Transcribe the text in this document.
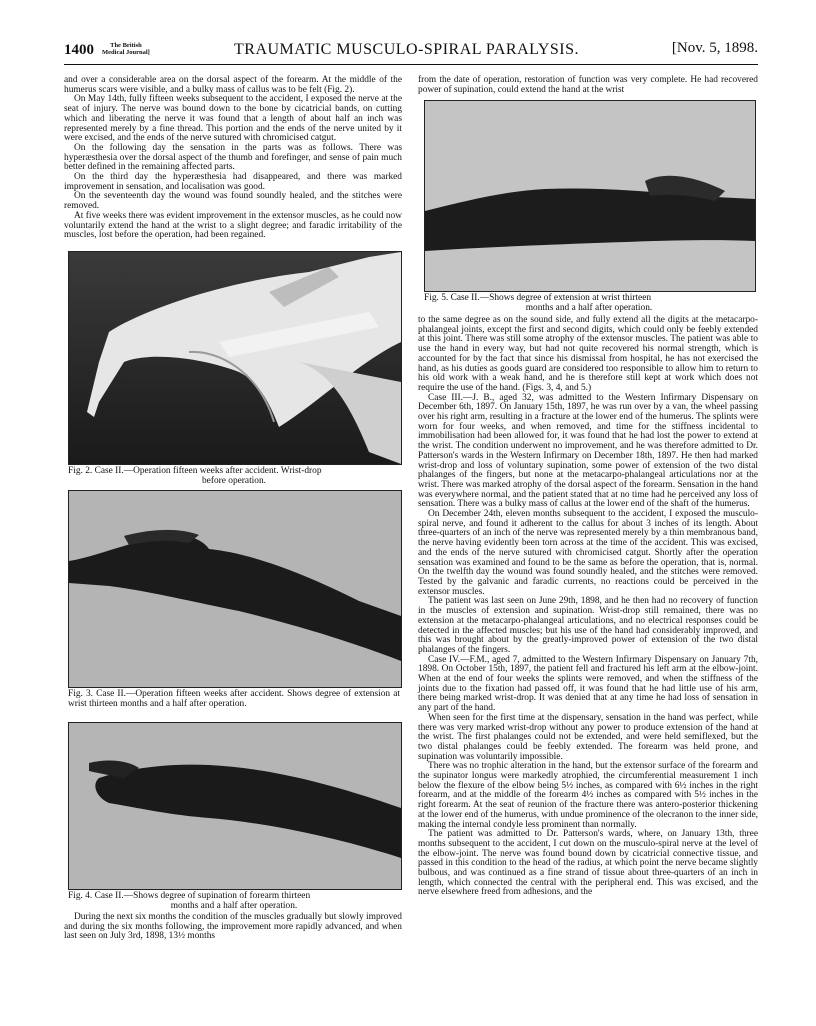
1400	The British
Medical Journal]	TRAUMATIC MUSCULO-SPIRAL PARALYSIS.	[Nov. 5, 1898.

and over a considerable area on the dorsal aspect of the forearm. At the middle of the humerus scars were visible, and a bulky mass of callus was to be felt (Fig. 2).

On May 14th, fully fifteen weeks subsequent to the accident, I exposed the nerve at the seat of injury. The nerve was bound down to the bone by cicatricial bands, on cutting which and liberating the nerve it was found that a length of about half an inch was represented merely by a fine thread. This portion and the ends of the nerve united by it were excised, and the ends of the nerve sutured with chromicised catgut.

On the following day the sensation in the parts was as follows. There was hyperæsthesia over the dorsal aspect of the thumb and forefinger, and sense of pain much better defined in the remaining affected parts.

On the third day the hyperæsthesia had disappeared, and there was marked improvement in sensation, and localisation was good.

On the seventeenth day the wound was found soundly healed, and the stitches were removed.

At five weeks there was evident improvement in the extensor muscles, as he could now voluntarily extend the hand at the wrist to a slight degree; and faradic irritability of the muscles, lost before the operation, had been regained.

Fig. 2. Case II.—Operation fifteen weeks after accident. Wrist-drop
before operation.
Fig. 3. Case II.—Operation fifteen weeks after accident. Shows degree of extension at wrist thirteen months and a half after operation.
Fig. 4. Case II.—Shows degree of supination of forearm thirteen
months and a half after operation.

During the next six months the condition of the muscles gradually but slowly improved and during the six months following, the improvement more rapidly advanced, and when last seen on July 3rd, 1898, 13½ months

from the date of operation, restoration of function was very complete. He had recovered power of supination, could extend the hand at the wrist

Fig. 5. Case II.—Shows degree of extension at wrist thirteen
months and a half after operation.

to the same degree as on the sound side, and fully extend all the digits at the metacarpo-phalangeal joints, except the first and second digits, which could only be feebly extended at this joint. There was still some atrophy of the extensor muscles. The patient was able to use the hand in every way, but had not quite recovered his normal strength, which is accounted for by the fact that since his dismissal from hospital, he has not exercised the hand, as his duties as goods guard are considered too responsible to allow him to return to his old work with a weak hand, and he is therefore still kept at work which does not require the use of the hand. (Figs. 3, 4, and 5.)

Case III.—J. B., aged 32, was admitted to the Western Infirmary Dispensary on December 6th, 1897. On January 15th, 1897, he was run over by a van, the wheel passing over his right arm, resulting in a fracture at the lower end of the humerus. The splints were worn for four weeks, and when removed, and time for the stiffness incidental to immobilisation had been allowed for, it was found that he had lost the power to extend at the wrist. The condition underwent no improvement, and he was therefore admitted to Dr. Patterson's wards in the Western Infirmary on December 18th, 1897. He then had marked wrist-drop and loss of voluntary supination, some power of extension of the two distal phalanges of the fingers, but none at the metacarpo-phalangeal articulations nor at the wrist. There was marked atrophy of the dorsal aspect of the forearm. Sensation in the hand was everywhere normal, and the patient stated that at no time had he perceived any loss of sensation. There was a bulky mass of callus at the lower end of the shaft of the humerus.

On December 24th, eleven months subsequent to the accident, I exposed the musculo-spiral nerve, and found it adherent to the callus for about 3 inches of its length. About three-quarters of an inch of the nerve was represented merely by a thin membranous band, the nerve having evidently been torn across at the time of the accident. This was excised, and the ends of the nerve sutured with chromicised catgut. Shortly after the operation sensation was examined and found to be the same as before the operation, that is, normal. On the twelfth day the wound was found soundly healed, and the stitches were removed. Tested by the galvanic and faradic currents, no reactions could be perceived in the extensor muscles.

The patient was last seen on June 29th, 1898, and he then had no recovery of function in the muscles of extension and supination. Wrist-drop still remained, there was no extension at the metacarpo-phalangeal articulations, and no electrical responses could be detected in the affected muscles; but his use of the hand had considerably improved, and this was brought about by the greatly-improved power of extension of the two distal phalanges of the fingers.

Case IV.—F.M., aged 7, admitted to the Western Infirmary Dispensary on January 7th, 1898. On October 15th, 1897, the patient fell and fractured his left arm at the elbow-joint. When at the end of four weeks the splints were removed, and when the stiffness of the joints due to the fixation had passed off, it was found that he had little use of his arm, there being marked wrist-drop. It was denied that at any time he had loss of sensation in any part of the hand.

When seen for the first time at the dispensary, sensation in the hand was perfect, while there was very marked wrist-drop without any power to produce extension of the hand at the wrist. The first phalanges could not be extended, and were held semiflexed, but the two distal phalanges could be feebly extended. The forearm was held prone, and supination was voluntarily impossible.

There was no trophic alteration in the hand, but the extensor surface of the forearm and the supinator longus were markedly atrophied, the circumferential measurement 1 inch below the flexure of the elbow being 5½ inches, as compared with 6½ inches in the right forearm, and at the middle of the forearm 4½ inches as compared with 5½ inches in the right forearm. At the seat of reunion of the fracture there was antero-posterior thickening at the lower end of the humerus, with undue prominence of the olecranon to the inner side, making the internal condyle less prominent than normally.

The patient was admitted to Dr. Patterson's wards, where, on January 13th, three months subsequent to the accident, I cut down on the musculo-spiral nerve at the level of the elbow-joint. The nerve was found bound down by cicatricial connective tissue, and passed in this condition to the head of the radius, at which point the nerve became slightly bulbous, and was continued as a fine strand of tissue about three-quarters of an inch in length, which connected the central with the peripheral end. This was excised, and the nerve elsewhere freed from adhesions, and the
